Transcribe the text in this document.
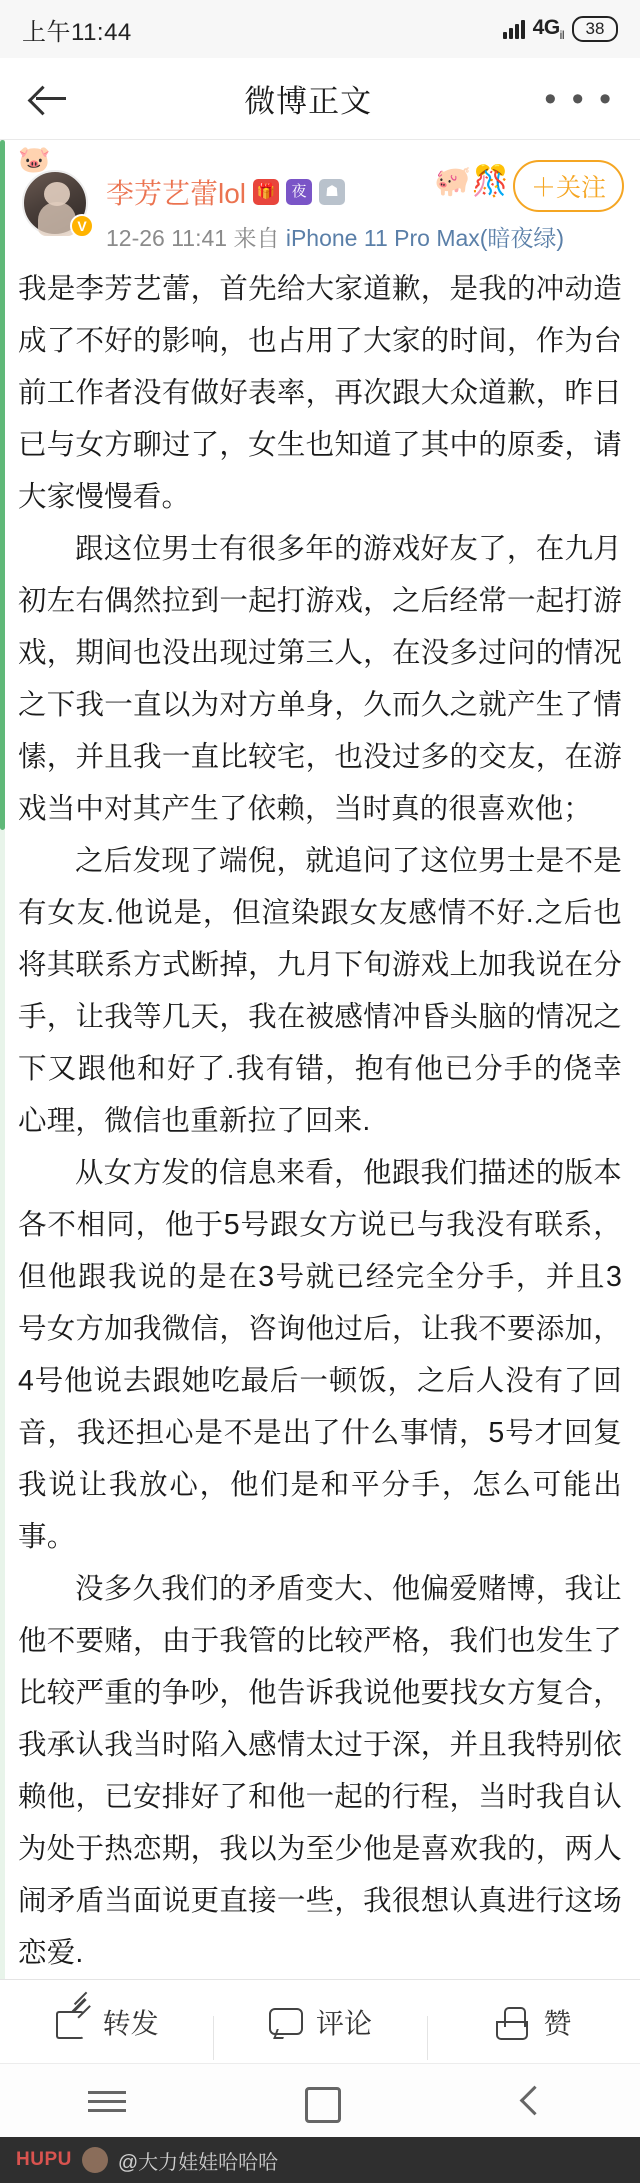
上午11:44	$4G_{il}$	38
微博正文	• • •
V
🐷
李芳艺蕾lol 🎁	夜	☗
12-26 11:41 来自 iPhone 11 Pro Max(暗夜绿)
🐖🎊 ＋关注

我是李芳艺蕾，首先给大家道歉，是我的冲动造成了不好的影响，也占用了大家的时间，作为台前工作者没有做好表率，再次跟大众道歉，昨日已与女方聊过了，女生也知道了其中的原委，请大家慢慢看。

跟这位男士有很多年的游戏好友了，在九月初左右偶然拉到一起打游戏，之后经常一起打游戏，期间也没出现过第三人，在没多过问的情况之下我一直以为对方单身，久而久之就产生了情愫，并且我一直比较宅，也没过多的交友，在游戏当中对其产生了依赖，当时真的很喜欢他；

之后发现了端倪，就追问了这位男士是不是有女友.他说是，但渲染跟女友感情不好.之后也将其联系方式断掉，九月下旬游戏上加我说在分手，让我等几天，我在被感情冲昏头脑的情况之下又跟他和好了.我有错，抱有他已分手的侥幸心理，微信也重新拉了回来.

从女方发的信息来看，他跟我们描述的版本各不相同，他于5号跟女方说已与我没有联系，但他跟我说的是在3号就已经完全分手，并且3号女方加我微信，咨询他过后，让我不要添加，4号他说去跟她吃最后一顿饭，之后人没有了回音，我还担心是不是出了什么事情，5号才回复我说让我放心，他们是和平分手，怎么可能出事。

没多久我们的矛盾变大、他偏爱赌博，我让他不要赌，由于我管的比较严格，我们也发生了比较严重的争吵，他告诉我说他要找女方复合，我承认我当时陷入感情太过于深，并且我特别依赖他，已安排好了和他一起的行程，当时我自认为处于热恋期，我以为至少他是喜欢我的，两人闹矛盾当面说更直接一些，我很想认真进行这场恋爱.

转发	评论	赞
HUPU @大力娃娃哈哈哈
